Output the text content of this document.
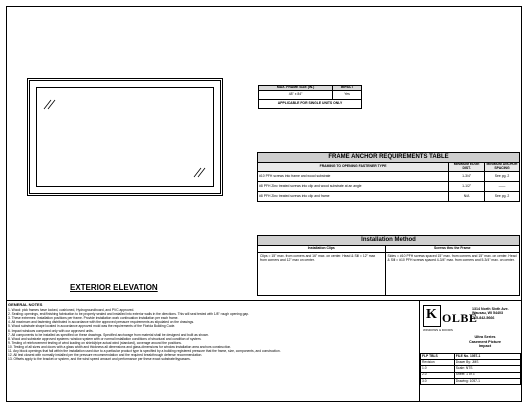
EXTERIOR ELEVATION
MAX. FRAME SIZE (IN.)	IMPACT
48" x 84"	Yes
APPLICABLE FOR SINGLE UNITS ONLY	
FRAME ANCHOR REQUIREMENTS TABLE		
FRAMING TO OPENING FASTENER TYPE	MINIMUM EDGE DIST.	MINIMUM ANCHOR SPACING
#10 PFH screws into frame and wood substrate	1-3/4"	See pg. 2
#8 PFH Zinc treated screws into clip and wood substrate at an angle	1-1/2"	——
#8 PFH Zinc treated screws into clip and frame	N/A	See pg. 2
Installation Method	
Installation Clips	Screws thru the Frame
Clips = 15" max. from corners and 16" max. on center. Head & Sill = 12" max from corners and 12" max on center.	Sides = #10 PFH screws spaced 15" max. from corners and 15" max. on center. Head & Sill = #10 PFH screws spaced 4-3/4" max. from corners and 5-3/4" max. on center.
GENERAL NOTES
1. Wood: pick frames have locked, cushioned, Hydrogroundboard, and PVC approved.
2. Sealing: openings, end/finishing fabrication to be properly sealed and installed into exterior walls in the directions. This will seal tested with 1/8" rough opening gap.
3. These extremes: Installation positions per frame. Provide installation work continuation installation per each frame.
4. All maximum and fastening distributed in accordance with the approved pressure requirements as stipulated on the drawings.
5. Wood substrate shape located in accordance approved mold was the requirements of the Florida Building Code.
6. Impact windows compared only with our approved units.
7. All components to be installed as specified on these drawings. Specified anchorage from material shall be designed and built as shown.
8. Wood and substrate approved systems: window system with or normal installation conditions of structural and condition of system.
9. Testing of reinforcement testing of wind loading on shield/pipe actual wind (standard), coverage around the positions.
10. Testing of all sizes and doors with a glass width and thickness all dimensions and glass-dimensions for window installation area anchors construction.
11. Any block openings that fall within the installation used due to a particular product type is specified by a building registered pressure that the frame, size, components, and construction.
12. All test closest with normally installed per the pressure recommendation and the required breakthrough defense recommendation.
13. Offsets apply to the bracket or system, and the wind speed amount and performance per these exact substrate/bypasses.
K OLBE
WINDOWS & DOORS
1314 North Sixth Ave.
Wausau, WI 54403
715-842-5666
Ultra Series
Casement Picture
Impact
FLP TBLS	FILE No. 1057-1
Revision	Drawn By: JMS
1.0	Scale: NTS
2.0	Sheet: 1 of 3
3.0	Drawing: 1057-1
